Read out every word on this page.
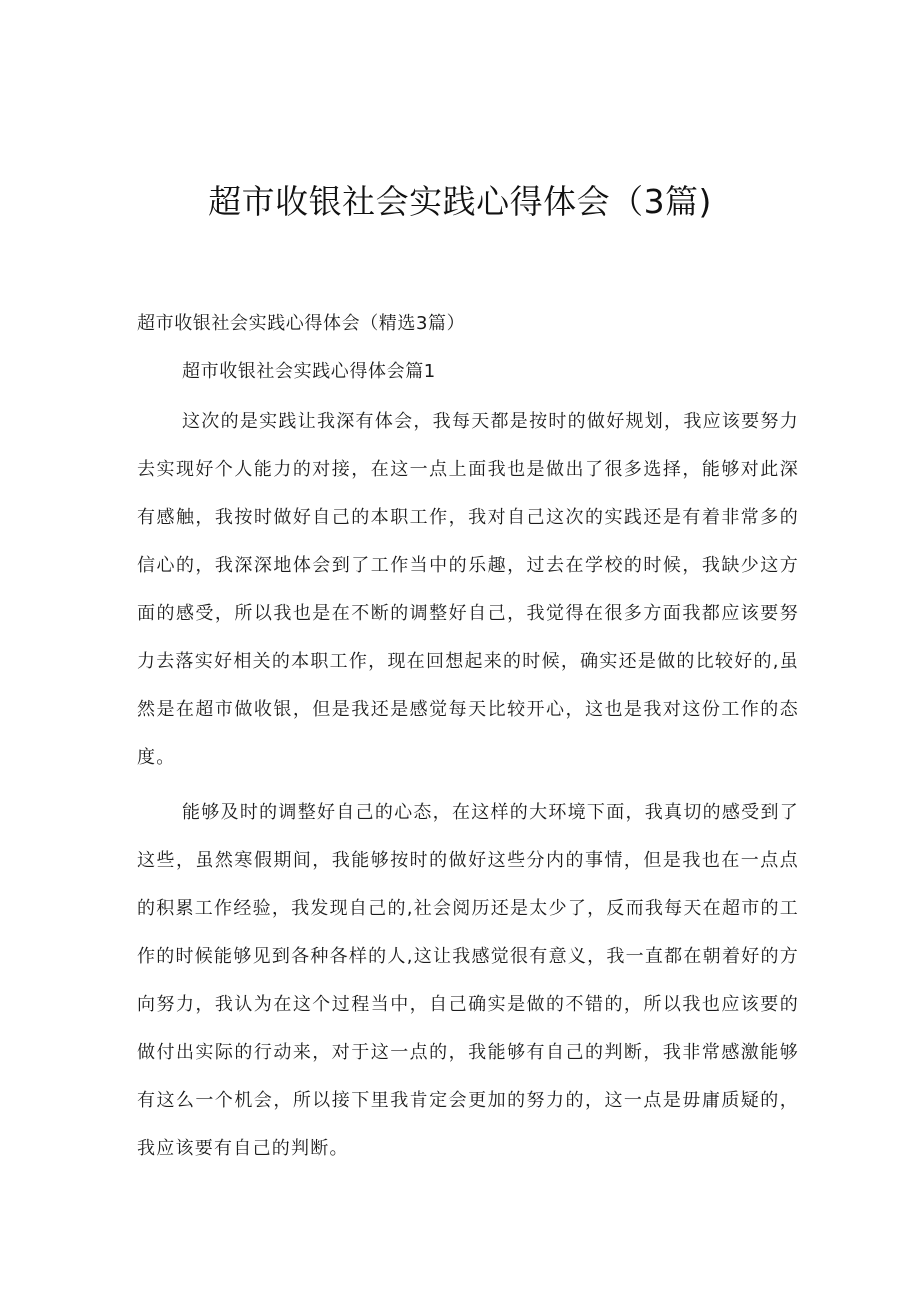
超市收银社会实践心得体会（3篇)

超市收银社会实践心得体会（精选3篇）

超市收银社会实践心得体会篇1

这次的是实践让我深有体会，我每天都是按时的做好规划，我应该要努力去实现好个人能力的对接，在这一点上面我也是做出了很多选择，能够对此深有感触，我按时做好自己的本职工作，我对自己这次的实践还是有着非常多的信心的，我深深地体会到了工作当中的乐趣，过去在学校的时候，我缺少这方面的感受，所以我也是在不断的调整好自己，我觉得在很多方面我都应该要努力去落实好相关的本职工作，现在回想起来的时候，确实还是做的比较好的,虽然是在超市做收银，但是我还是感觉每天比较开心，这也是我对这份工作的态度。

能够及时的调整好自己的心态，在这样的大环境下面，我真切的感受到了这些，虽然寒假期间，我能够按时的做好这些分内的事情，但是我也在一点点的积累工作经验，我发现自己的,社会阅历还是太少了，反而我每天在超市的工作的时候能够见到各种各样的人,这让我感觉很有意义，我一直都在朝着好的方向努力，我认为在这个过程当中，自己确实是做的不错的，所以我也应该要的做付出实际的行动来，对于这一点的，我能够有自己的判断，我非常感激能够有这么一个机会，所以接下里我肯定会更加的努力的，这一点是毋庸质疑的，我应该要有自己的判断。
